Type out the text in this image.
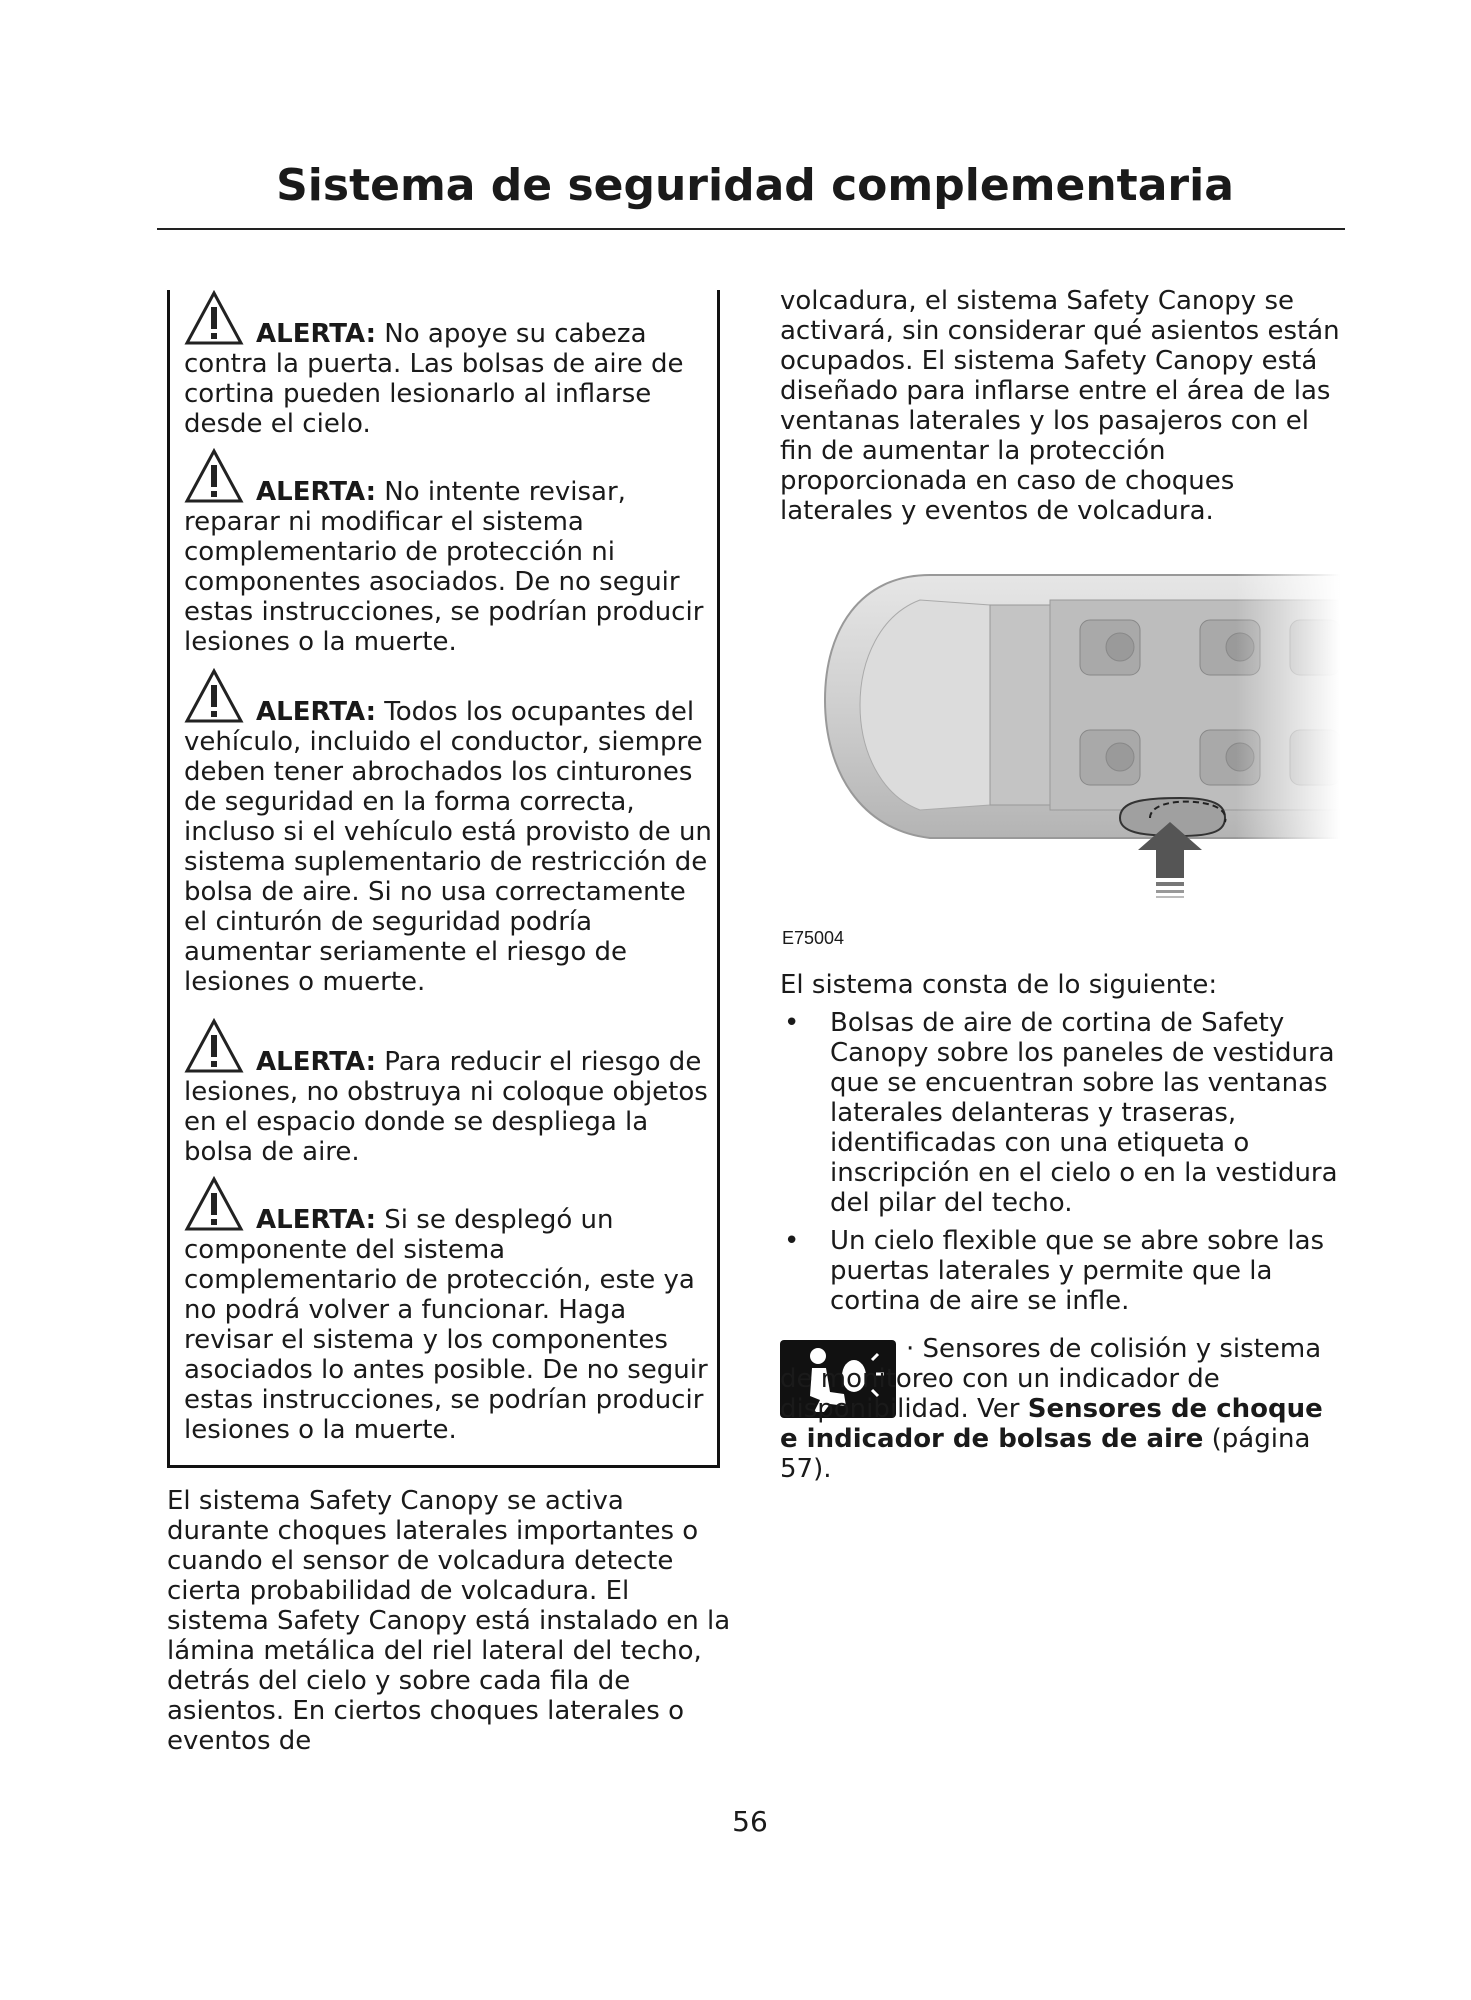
Sistema de seguridad complementaria
ALERTA: No apoye su cabeza contra la puerta. Las bolsas de aire de cortina pueden lesionarlo al inflarse desde el cielo.
ALERTA: No intente revisar, reparar ni modificar el sistema complementario de protección ni componentes asociados. De no seguir estas instrucciones, se podrían producir lesiones o la muerte.
ALERTA: Todos los ocupantes del vehículo, incluido el conductor, siempre deben tener abrochados los cinturones de seguridad en la forma correcta, incluso si el vehículo está provisto de un sistema suplementario de restricción de bolsa de aire. Si no usa correctamente el cinturón de seguridad podría aumentar seriamente el riesgo de lesiones o muerte.
ALERTA: Para reducir el riesgo de lesiones, no obstruya ni coloque objetos en el espacio donde se despliega la bolsa de aire.
ALERTA: Si se desplegó un componente del sistema complementario de protección, este ya no podrá volver a funcionar. Haga revisar el sistema y los componentes asociados lo antes posible. De no seguir estas instrucciones, se podrían producir lesiones o la muerte.
El sistema Safety Canopy se activa durante choques laterales importantes o cuando el sensor de volcadura detecte cierta probabilidad de volcadura. El sistema Safety Canopy está instalado en la lámina metálica del riel lateral del techo, detrás del cielo y sobre cada fila de asientos. En ciertos choques laterales o eventos de
volcadura, el sistema Safety Canopy se activará, sin considerar qué asientos están ocupados. El sistema Safety Canopy está diseñado para inflarse entre el área de las ventanas laterales y los pasajeros con el fin de aumentar la protección proporcionada en caso de choques laterales y eventos de volcadura.
E75004
El sistema consta de lo siguiente:
• Bolsas de aire de cortina de Safety Canopy sobre los paneles de vestidura que se encuentran sobre las ventanas laterales delanteras y traseras, identificadas con una etiqueta o inscripción en el cielo o en la vestidura del pilar del techo.
• Un cielo flexible que se abre sobre las puertas laterales y permite que la cortina de aire se infle.
· Sensores de colisión y sistema de monitoreo con un indicador de disponibilidad. Ver Sensores de choque e indicador de bolsas de aire (página 57).
56
